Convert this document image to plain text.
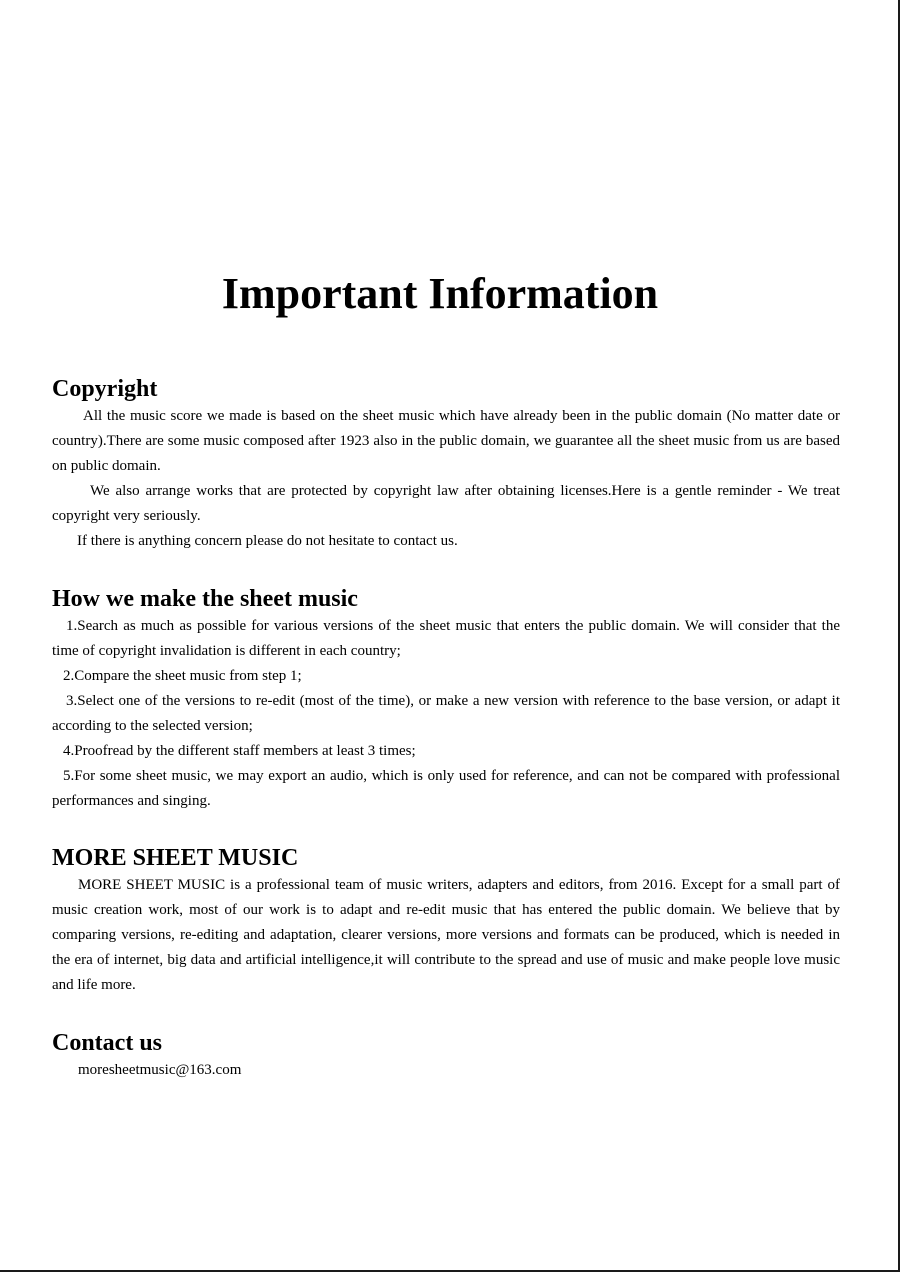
Important Information
Copyright

All the music score we made is based on the sheet music which have already been in the public domain (No matter date or country).There are some music composed after 1923 also in the public domain, we guarantee all the sheet music from us are based on public domain.

We also arrange works that are protected by copyright law after obtaining licenses.Here is a gentle reminder - We treat copyright very seriously.

If there is anything concern please do not hesitate to contact us.

How we make the sheet music

1.Search as much as possible for various versions of the sheet music that enters the public domain. We will consider that the time of copyright invalidation is different in each country;

2.Compare the sheet music from step 1;

3.Select one of the versions to re-edit (most of the time), or make a new version with reference to the base version, or adapt it according to the selected version;

4.Proofread by the different staff members at least 3 times;

5.For some sheet music, we may export an audio, which is only used for reference, and can not be compared with professional performances and singing.

MORE SHEET MUSIC

MORE SHEET MUSIC is a professional team of music writers, adapters and editors, from 2016. Except for a small part of music creation work, most of our work is to adapt and re-edit music that has entered the public domain. We believe that by comparing versions, re-editing and adaptation, clearer versions, more versions and formats can be produced, which is needed in the era of internet, big data and artificial intelligence,it will contribute to the spread and use of music and make people love music and life more.

Contact us

moresheetmusic@163.com
